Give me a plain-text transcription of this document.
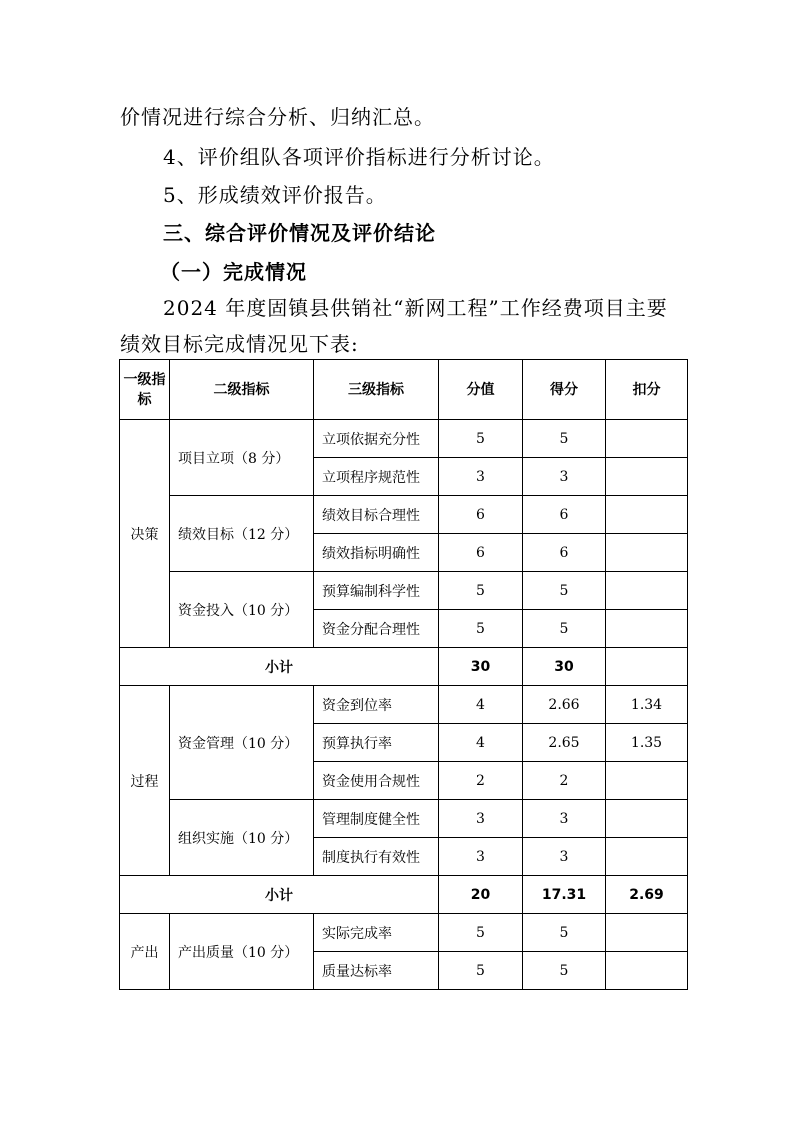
价情况进行综合分析、归纳汇总。
4、评价组队各项评价指标进行分析讨论。
5、形成绩效评价报告。
三、综合评价情况及评价结论
（一）完成情况
2024 年度固镇县供销社“新网工程”工作经费项目主要
绩效目标完成情况见下表:
一级指标	二级指标	三级指标	分值	得分	扣分
决策	项目立项（8 分）	立项依据充分性	5	5	
		立项程序规范性	3	3	
	绩效目标（12 分）	绩效目标合理性	6	6	
		绩效指标明确性	6	6	
	资金投入（10 分）	预算编制科学性	5	5	
		资金分配合理性	5	5	
小计			30	30	
过程	资金管理（10 分）	资金到位率	4	2.66	1.34
		预算执行率	4	2.65	1.35
		资金使用合规性	2	2	
	组织实施（10 分）	管理制度健全性	3	3	
		制度执行有效性	3	3	
小计			20	17.31	2.69
产出	产出质量（10 分）	实际完成率	5	5	
		质量达标率	5	5	
